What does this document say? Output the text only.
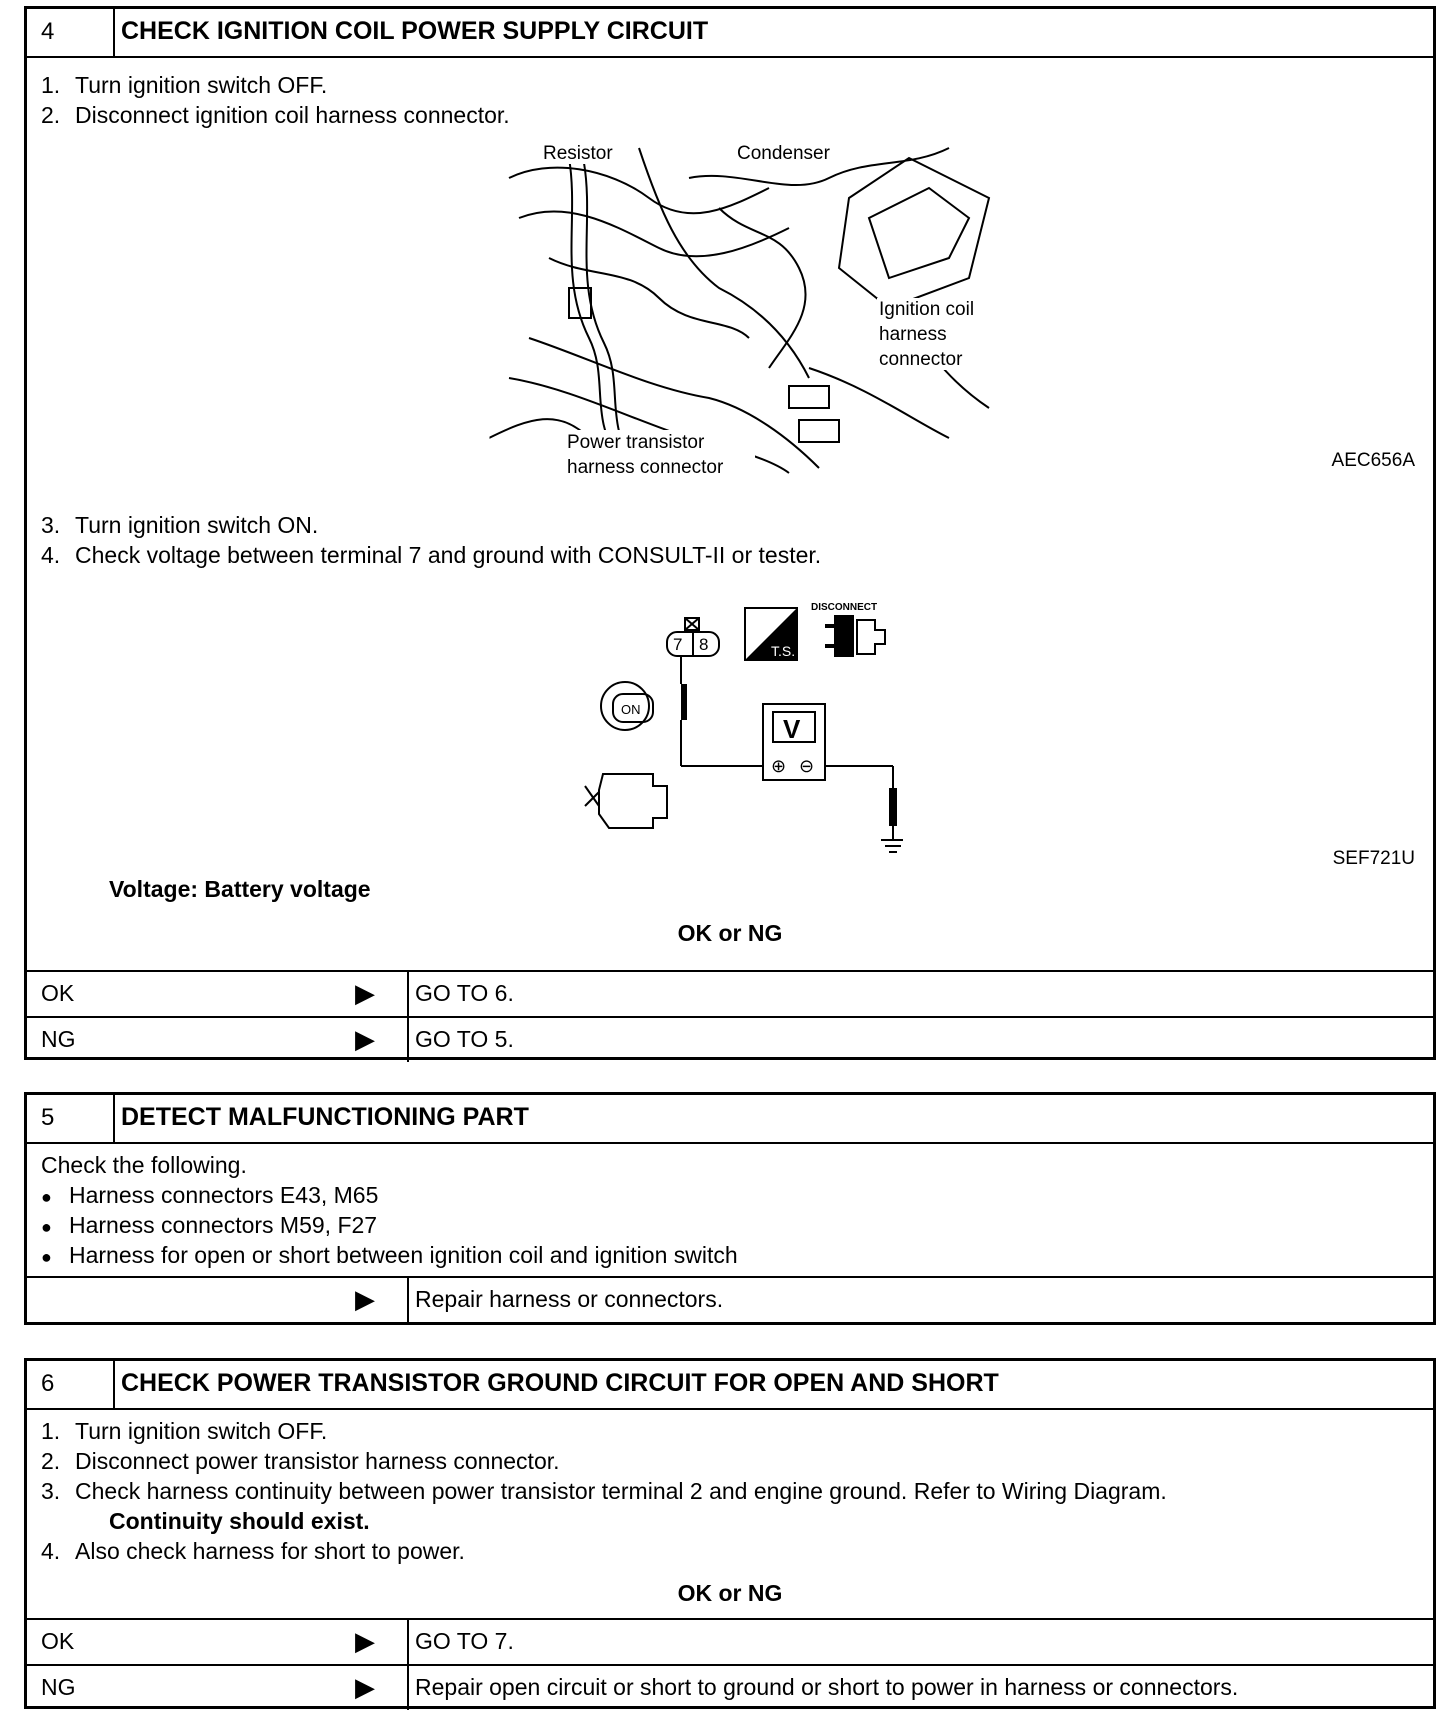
4	CHECK IGNITION COIL POWER SUPPLY CIRCUIT
1. Turn ignition switch OFF.
2. Disconnect ignition coil harness connector.
Resistor	Condenser
Ignition coil
harness
connector
Power transistor
harness connector	AEC656A
3. Turn ignition switch ON.
4. Check voltage between terminal 7 and ground with CONSULT-II or tester.
7 8	T.S.
DISCONNECT
ON
V
⊕ ⊖
SEF721U
Voltage: Battery voltage
OK or NG
OK	▶ GO TO 6.
NG	▶ GO TO 5.
5	DETECT MALFUNCTIONING PART
Check the following.
● Harness connectors E43, M65
● Harness connectors M59, F27
● Harness for open or short between ignition coil and ignition switch
▶ Repair harness or connectors.
6	CHECK POWER TRANSISTOR GROUND CIRCUIT FOR OPEN AND SHORT
1. Turn ignition switch OFF.
2. Disconnect power transistor harness connector.
3. Check harness continuity between power transistor terminal 2 and engine ground. Refer to Wiring Diagram.
Continuity should exist.
4. Also check harness for short to power.
OK or NG
OK	▶ GO TO 7.
NG	▶ Repair open circuit or short to ground or short to power in harness or connectors.
